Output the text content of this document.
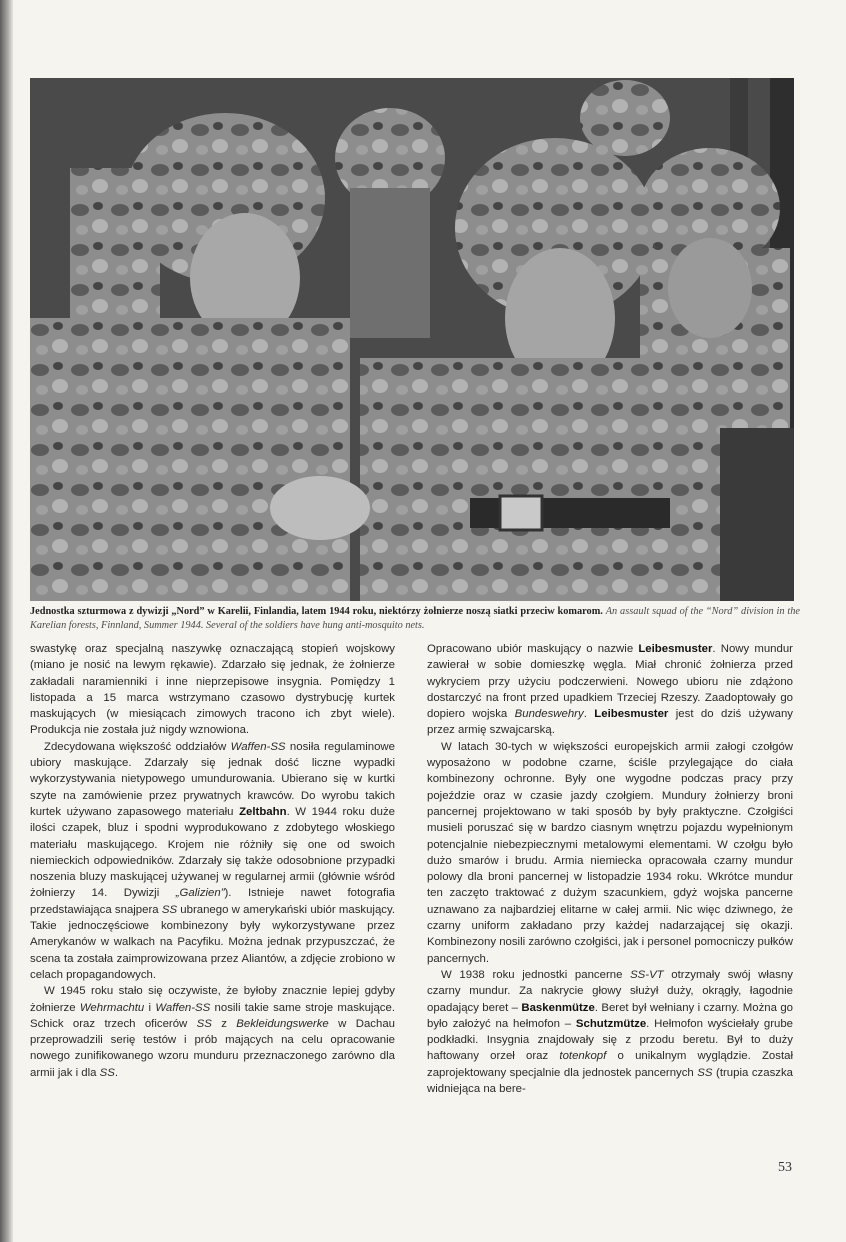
Jednostka szturmowa z dywizji „Nord” w Karelii, Finlandia, latem 1944 roku, niektórzy żołnierze noszą siatki przeciw komarom. An assault squad of the “Nord” division in the Karelian forests, Finnland, Summer 1944. Several of the soldiers have hung anti-mosquito nets.

swastykę oraz specjalną naszywkę oznaczającą stopień wojskowy (miano je nosić na lewym rękawie). Zdarzało się jednak, że żołnierze zakładali naramienniki i inne nieprzepisowe insygnia. Pomiędzy 1 listopada a 15 marca wstrzymano czasowo dystrybucję kurtek maskujących (w miesiącach zimowych tracono ich zbyt wiele). Produkcja nie została już nigdy wznowiona.

Zdecydowana większość oddziałów Waffen-SS nosiła regulaminowe ubiory maskujące. Zdarzały się jednak dość liczne wypadki wykorzystywania nietypowego umundurowania. Ubierano się w kurtki szyte na zamówienie przez prywatnych krawców. Do wyrobu takich kurtek używano zapasowego materiału Zeltbahn. W 1944 roku duże ilości czapek, bluz i spodni wyprodukowano z zdobytego włoskiego materiału maskującego. Krojem nie różniły się one od swoich niemieckich odpowiedników. Zdarzały się także odosobnione przypadki noszenia bluzy maskującej używanej w regularnej armii (głównie wśród żołnierzy 14. Dywizji „Galizien”). Istnieje nawet fotografia przedstawiająca snajpera SS ubranego w amerykański ubiór maskujący. Takie jednoczęściowe kombinezony były wykorzystywane przez Amerykanów w walkach na Pacyfiku. Można jednak przypuszczać, że scena ta została zaimprowizowana przez Aliantów, a zdjęcie zrobiono w celach propagandowych.

W 1945 roku stało się oczywiste, że byłoby znacznie lepiej gdyby żołnierze Wehrmachtu i Waffen-SS nosili takie same stroje maskujące. Schick oraz trzech oficerów SS z Bekleidungswerke w Dachau przeprowadzili serię testów i prób mających na celu opracowanie nowego zunifikowanego wzoru munduru przeznaczonego zarówno dla armii jak i dla SS.

Opracowano ubiór maskujący o nazwie Leibesmuster. Nowy mundur zawierał w sobie domieszkę węgla. Miał chronić żołnierza przed wykryciem przy użyciu podczerwieni. Nowego ubioru nie zdążono dostarczyć na front przed upadkiem Trzeciej Rzeszy. Zaadoptowały go dopiero wojska Bundeswehry. Leibesmuster jest do dziś używany przez armię szwajcarską.

W latach 30-tych w większości europejskich armii załogi czołgów wyposażono w podobne czarne, ściśle przylegające do ciała kombinezony ochronne. Były one wygodne podczas pracy przy pojeździe oraz w czasie jazdy czołgiem. Mundury żołnierzy broni pancernej projektowano w taki sposób by były praktyczne. Czołgiści musieli poruszać się w bardzo ciasnym wnętrzu pojazdu wypełnionym potencjalnie niebezpiecznymi metalowymi elementami. W czołgu było dużo smarów i brudu. Armia niemiecka opracowała czarny mundur polowy dla broni pancernej w listopadzie 1934 roku. Wkrótce mundur ten zaczęto traktować z dużym szacunkiem, gdyż wojska pancerne uznawano za najbardziej elitarne w całej armii. Nic więc dziwnego, że czarny uniform zakładano przy każdej nadarzającej się okazji. Kombinezony nosili zarówno czołgiści, jak i personel pomocniczy pułków pancernych.

W 1938 roku jednostki pancerne SS-VT otrzymały swój własny czarny mundur. Za nakrycie głowy służył duży, okrągły, łagodnie opadający beret – Baskenmütze. Beret był wełniany i czarny. Można go było założyć na hełmofon – Schutzmütze. Hełmofon wyściełały grube podkładki. Insygnia znajdowały się z przodu beretu. Był to duży haftowany orzeł oraz totenkopf o unikalnym wyglądzie. Został zaprojektowany specjalnie dla jednostek pancernych SS (trupia czaszka widniejąca na bere-

53
